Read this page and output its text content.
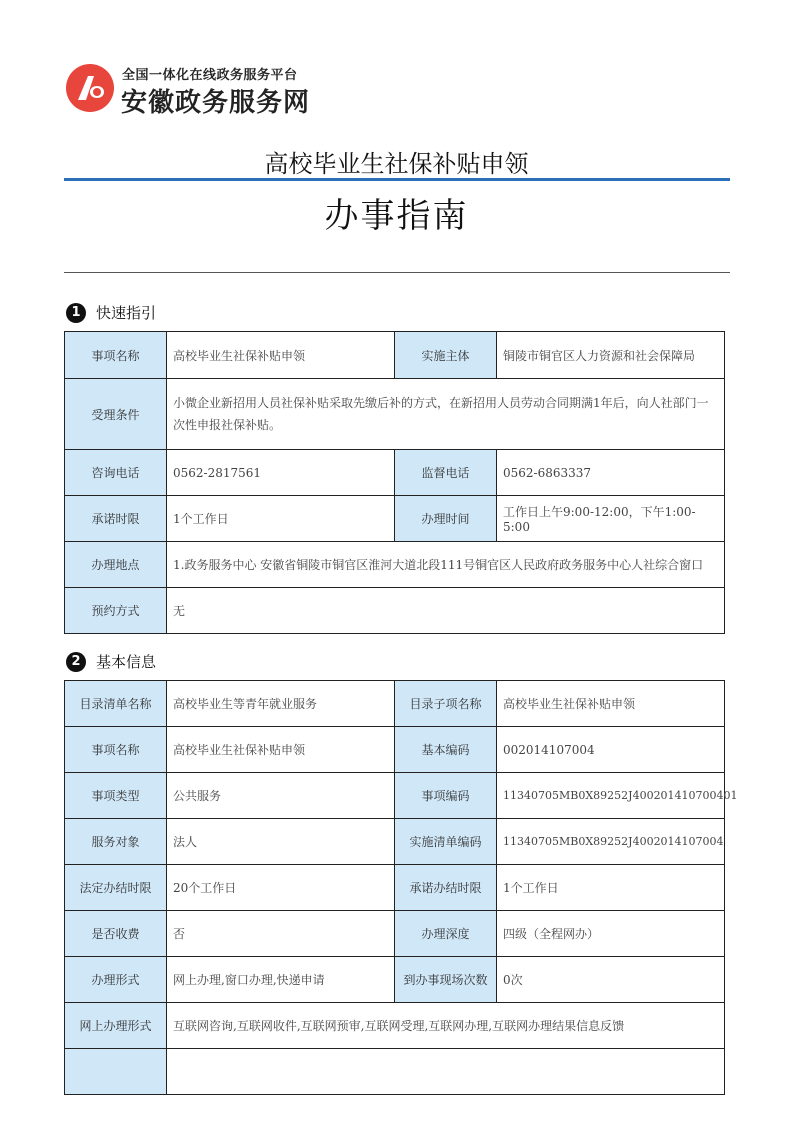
全国一体化在线政务服务平台
安徽政务服务网
高校毕业生社保补贴申领
办事指南
1	快速指引
事项名称	高校毕业生社保补贴申领	实施主体	铜陵市铜官区人力资源和社会保障局
受理条件	小微企业新招用人员社保补贴采取先缴后补的方式，在新招用人员劳动合同期满1年后，向人社部门一次性申报社保补贴。		
咨询电话	0562-2817561	监督电话	0562-6863337
承诺时限	1个工作日	办理时间	工作日上午9:00-12:00，下午1:00-5:00
办理地点	1.政务服务中心 安徽省铜陵市铜官区淮河大道北段111号铜官区人民政府政务服务中心人社综合窗口		
预约方式	无		
2	基本信息
目录清单名称	高校毕业生等青年就业服务	目录子项名称	高校毕业生社保补贴申领
事项名称	高校毕业生社保补贴申领	基本编码	002014107004
事项类型	公共服务	事项编码	11340705MB0X89252J400201410700401
服务对象	法人	实施清单编码	11340705MB0X89252J4002014107004
法定办结时限	20个工作日	承诺办结时限	1个工作日
是否收费	否	办理深度	四级（全程网办）
办理形式	网上办理,窗口办理,快递申请	到办事现场次数	0次
网上办理形式	互联网咨询,互联网收件,互联网预审,互联网受理,互联网办理,互联网办理结果信息反馈		
